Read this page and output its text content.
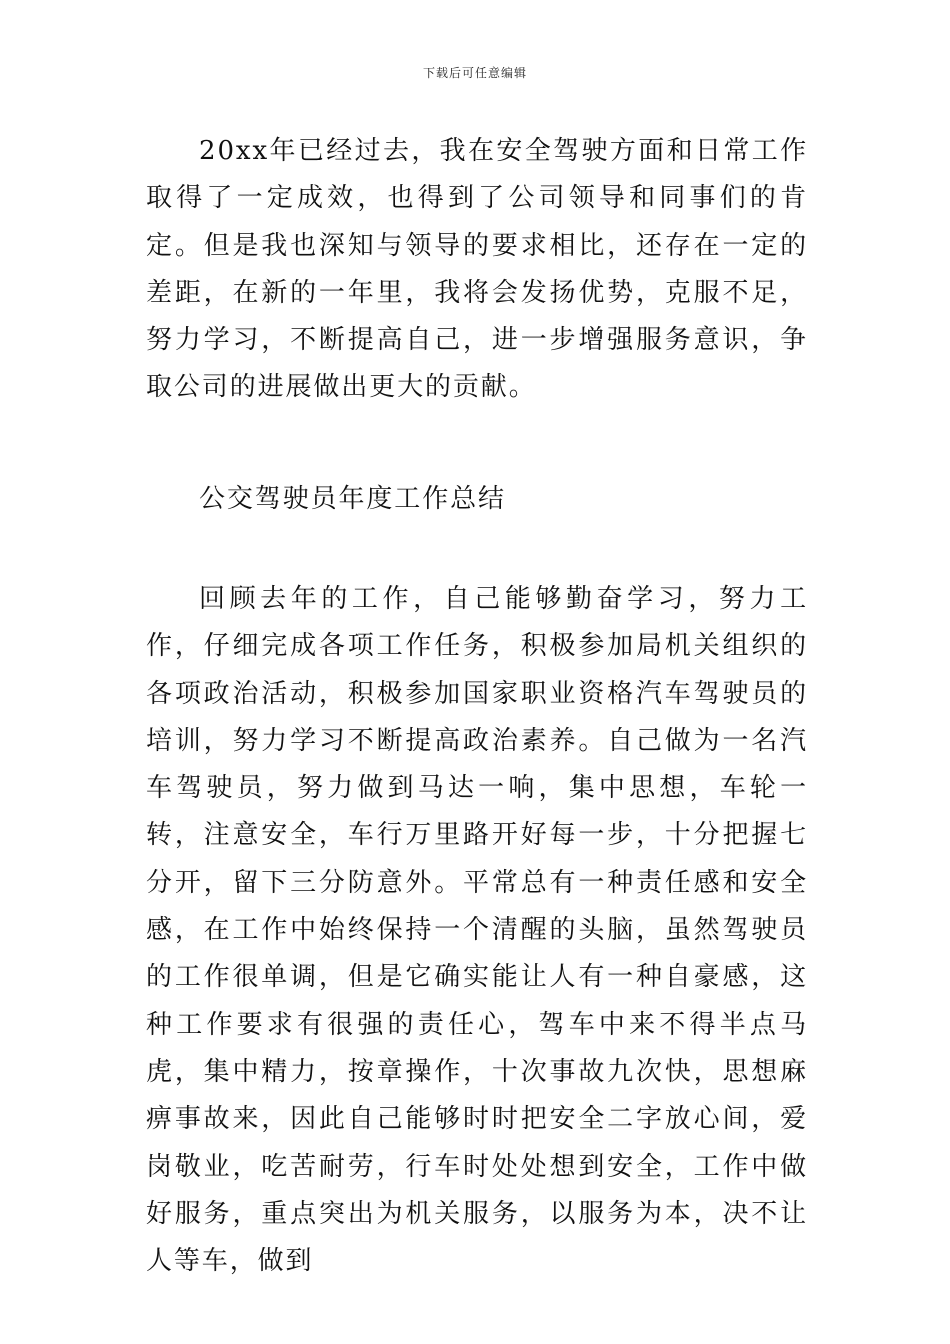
下载后可任意编辑

20xx年已经过去，我在安全驾驶方面和日常工作取得了一定成效，也得到了公司领导和同事们的肯定。但是我也深知与领导的要求相比，还存在一定的差距，在新的一年里，我将会发扬优势，克服不足，努力学习，不断提高自己，进一步增强服务意识，争取公司的进展做出更大的贡献。

公交驾驶员年度工作总结

回顾去年的工作，自己能够勤奋学习，努力工作，仔细完成各项工作任务，积极参加局机关组织的各项政治活动，积极参加国家职业资格汽车驾驶员的培训，努力学习不断提高政治素养。自己做为一名汽车驾驶员，努力做到马达一响，集中思想，车轮一转，注意安全，车行万里路开好每一步，十分把握七分开，留下三分防意外。平常总有一种责任感和安全感，在工作中始终保持一个清醒的头脑，虽然驾驶员的工作很单调，但是它确实能让人有一种自豪感，这种工作要求有很强的责任心，驾车中来不得半点马虎，集中精力，按章操作，十次事故九次快，思想麻痹事故来，因此自己能够时时把安全二字放心间，爱岗敬业，吃苦耐劳，行车时处处想到安全，工作中做好服务，重点突出为机关服务，以服务为本，决不让人等车，做到
